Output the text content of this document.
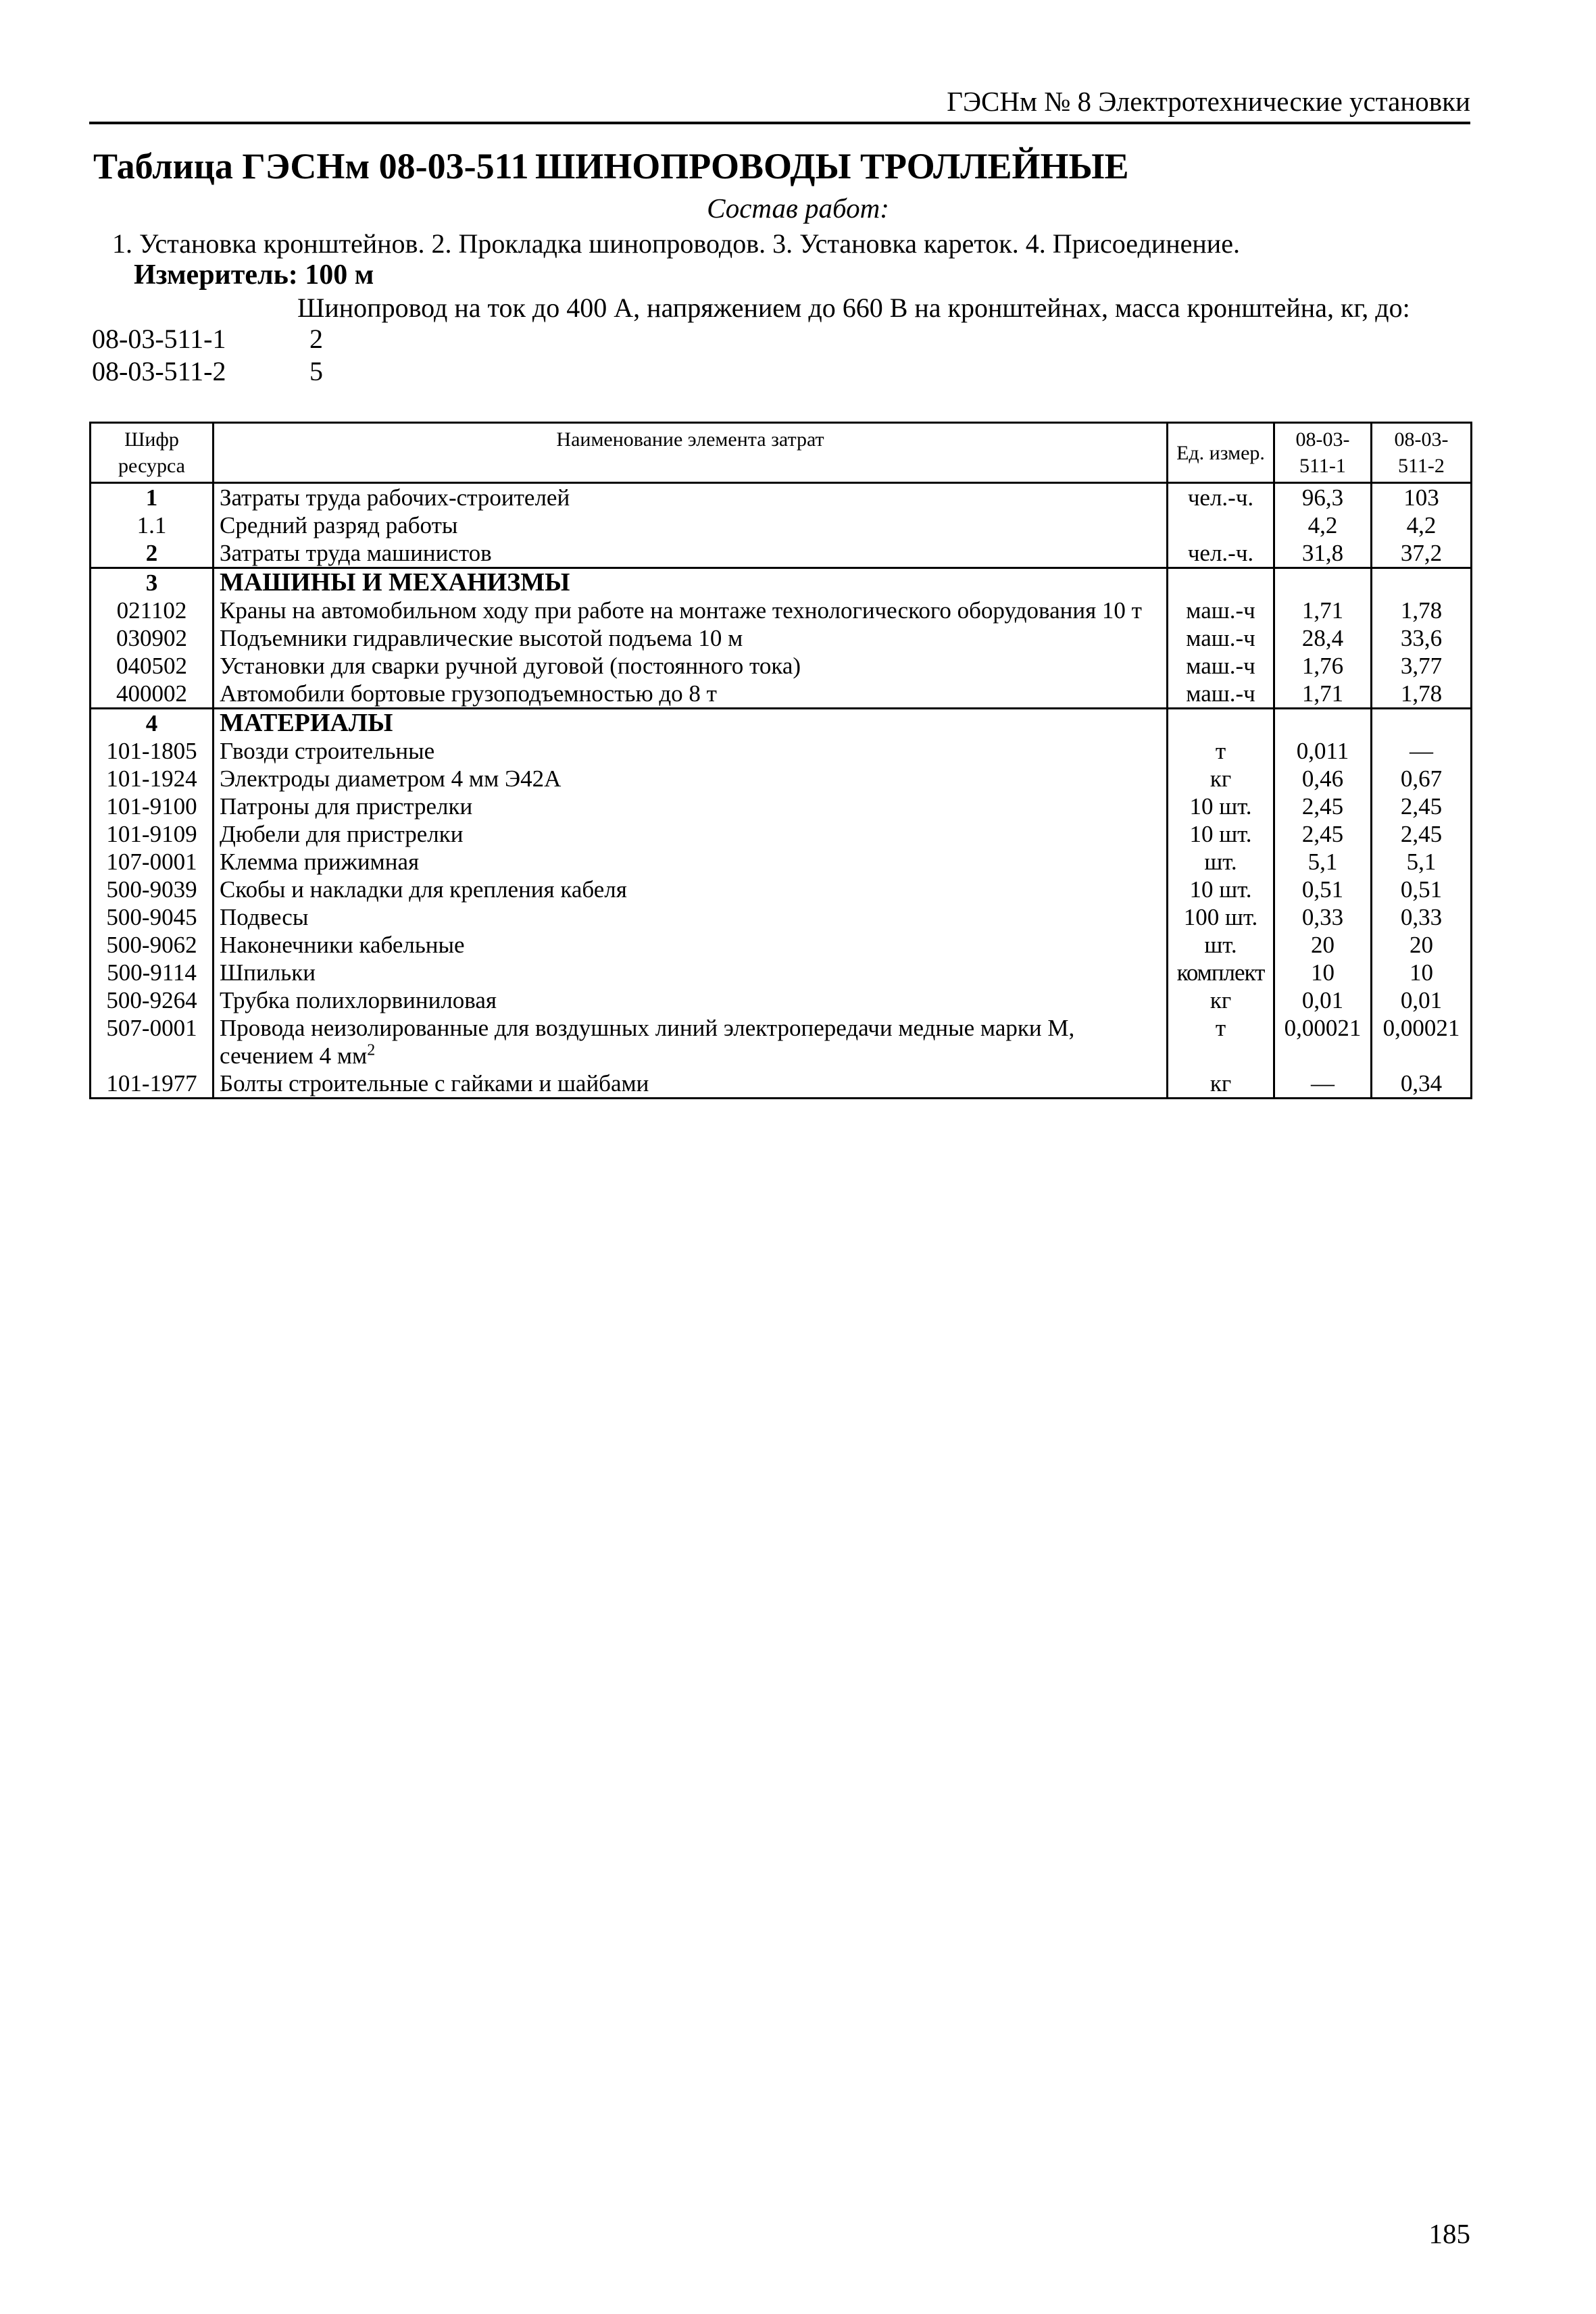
ГЭСНм № 8 Электротехнические установки
Таблица ГЭСНм 08-03-511 ШИНОПРОВОДЫ ТРОЛЛЕЙНЫЕ
Состав работ:
1. Установка кронштейнов. 2. Прокладка шинопроводов. 3. Установка кареток. 4. Присоединение.
Измеритель: 100 м
Шинопровод на ток до 400 А, напряжением до 660 В на кронштейнах, масса кронштейна, кг, до:
08-03-511-1	2
08-03-511-2	5
Шифр ресурса	Наименование элемента затрат	Ед. измер.	08-03-511-1	08-03-511-2
1	Затраты труда рабочих-строителей	чел.-ч.	96,3	103
1.1	Средний разряд работы		4,2	4,2
2	Затраты труда машинистов	чел.-ч.	31,8	37,2
3	МАШИНЫ И МЕХАНИЗМЫ			
021102	Краны на автомобильном ходу при работе на монтаже технологического оборудования 10 т	маш.-ч	1,71	1,78
030902	Подъемники гидравлические высотой подъема 10 м	маш.-ч	28,4	33,6
040502	Установки для сварки ручной дуговой (постоянного тока)	маш.-ч	1,76	3,77
400002	Автомобили бортовые грузоподъемностью до 8 т	маш.-ч	1,71	1,78
4	МАТЕРИАЛЫ			
101-1805	Гвозди строительные	т	0,011	—
101-1924	Электроды диаметром 4 мм Э42А	кг	0,46	0,67
101-9100	Патроны для пристрелки	10 шт.	2,45	2,45
101-9109	Дюбели для пристрелки	10 шт.	2,45	2,45
107-0001	Клемма прижимная	шт.	5,1	5,1
500-9039	Скобы и накладки для крепления кабеля	10 шт.	0,51	0,51
500-9045	Подвесы	100 шт.	0,33	0,33
500-9062	Наконечники кабельные	шт.	20	20
500-9114	Шпильки	комплект	10	10
500-9264	Трубка полихлорвиниловая	кг	0,01	0,01
507-0001	Провода неизолированные для воздушных линий электропередачи медные марки М, сечением 4 $мм^2$	т	0,00021	0,00021
101-1977	Болты строительные с гайками и шайбами	кг	—	0,34
185
